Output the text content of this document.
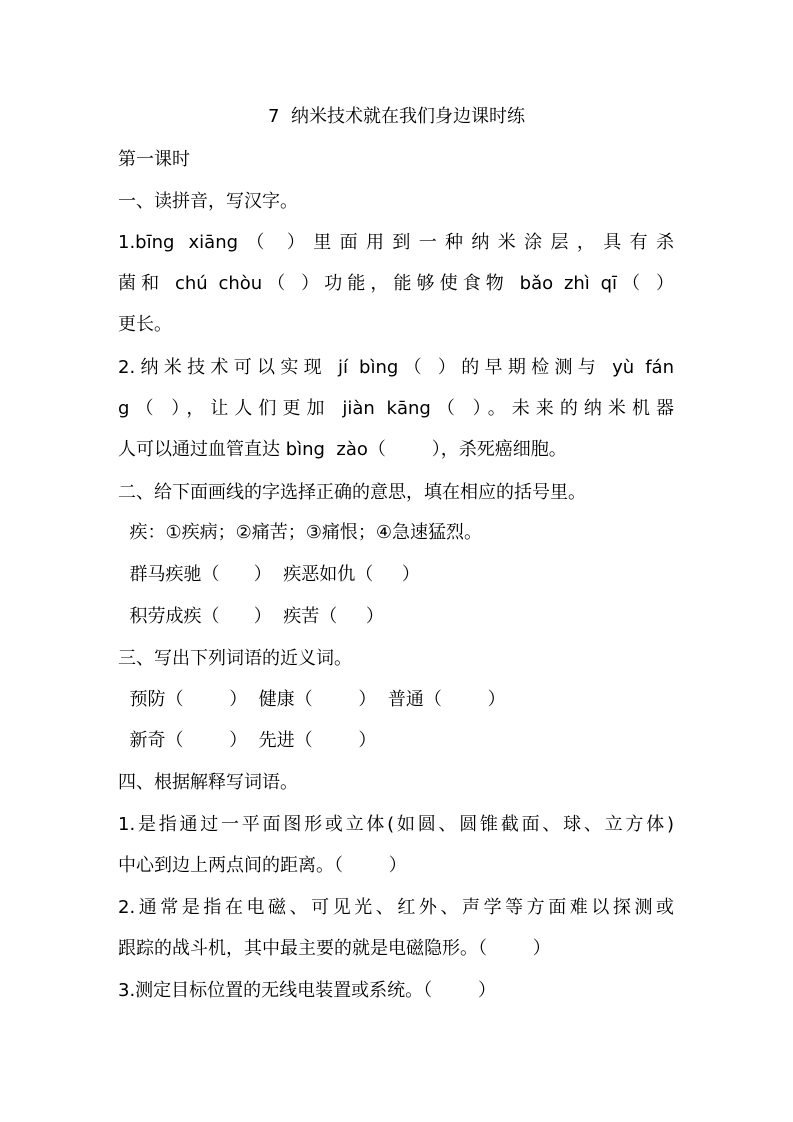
7  纳米技术就在我们身边课时练
第一课时
一、读拼音，写汉字。
1.bīng xiāng（ ）里面用到一种纳米涂层，具有杀
菌和 chú chòu（ ）功能，能够使食物 bǎo zhì qī（ ）
更长。
2.纳米技术可以实现 jí bìng（ ）的早期检测与 yù fán
g（ ），让人们更加 jiàn kāng（ ）。未来的纳米机器
人可以通过血管直达 bìng  zào（        ），杀死癌细胞。
二、给下面画线的字选择正确的意思，填在相应的括号里。
疾：①疾病；②痛苦；③痛恨；④急速猛烈。
群马疾驰（      ）  疾恶如仇（     ）
积劳成疾（      ）  疾苦（     ）
三、写出下列词语的近义词。
预防（        ）  健康（        ）  普通（        ）
新奇（        ）  先进（        ）
四、根据解释写词语。
1.是指通过一平面图形或立体(如圆、圆锥截面、球、立方体)
中心到边上两点间的距离。（        ）
2.通常是指在电磁、可见光、红外、声学等方面难以探测或
跟踪的战斗机，其中最主要的就是电磁隐形。（        ）
3.测定目标位置的无线电装置或系统。（        ）
